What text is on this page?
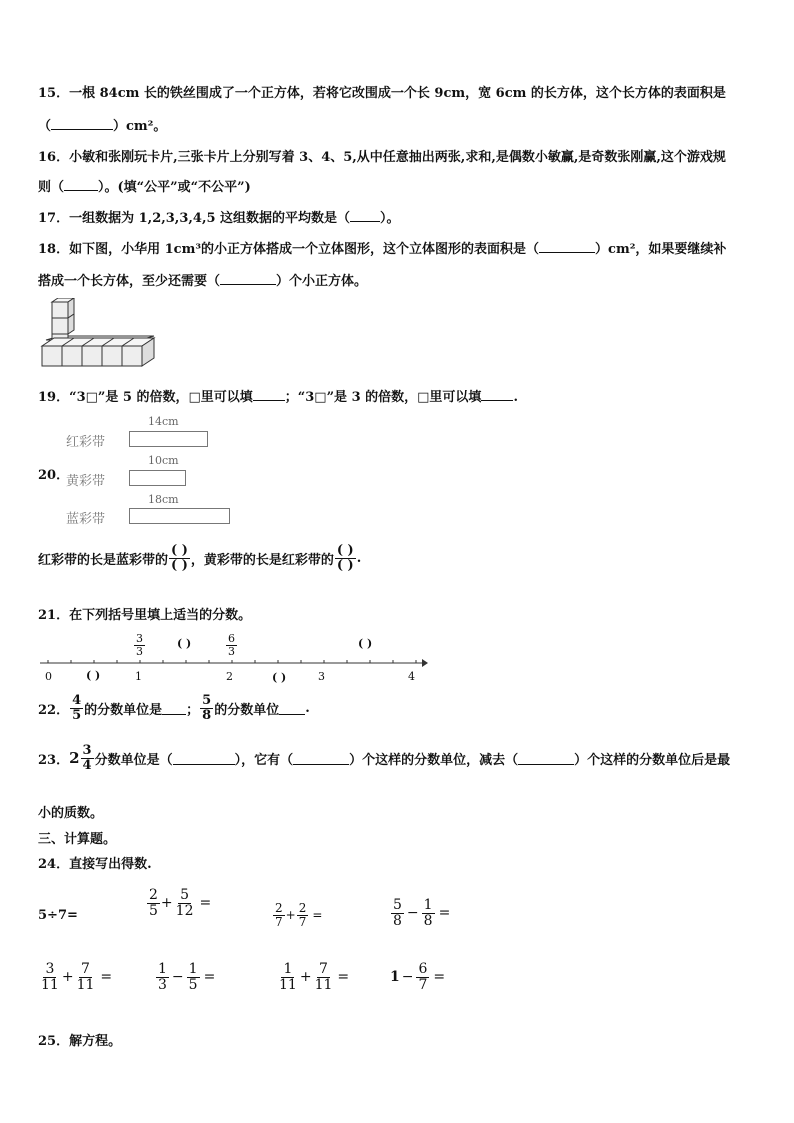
15．一根 84cm 长的铁丝围成了一个正方体，若将它改围成一个长 9cm，宽 6cm 的长方体，这个长方体的表面积是
（	）cm²。
16．小敏和张刚玩卡片,三张卡片上分别写着 3、4、5,从中任意抽出两张,求和,是偶数小敏赢,是奇数张刚赢,这个游戏规
则（	）。(填“公平”或“不公平”)
17．一组数据为 1,2,3,3,4,5 这组数据的平均数是（ ）。
18．如下图，小华用 1cm³的小正方体搭成一个立体图形，这个立体图形的表面积是（	）cm²，如果要继续补
搭成一个长方体，至少还需要（	）个小正方体。
19．“3□”是 5 的倍数，□里可以填 ；“3□”是 3 的倍数，□里可以填 .
20．
14cm
红彩带
10cm
黄彩带
18cm
蓝彩带
红彩带的长是蓝彩带的 $\frac{( )}{( )}$ ，黄彩带的长是红彩带的 $\frac{( )}{( )}$ .
21．在下列括号里填上适当的分数。
0	1	2	3	4
$\frac{3}{3}$	$\frac{6}{3}$
( )	( )
( )	( )
22． $\frac{4}{5}$ 的分数单位是 ； $\frac{5}{8}$ 的分数单位 .
23． $2 \frac{3}{4}$ 分数单位是（	），它有（	）个这样的分数单位，减去（	）个这样的分数单位后是最
小的质数。
三、计算题。
24．直接写出得数.
5÷7=	$\frac{2}{5} + \frac{5}{12}$ =	$\frac{2}{7} + \frac{2}{7}$ =	$\frac{5}{8} - \frac{1}{8}$ =
$\frac{3}{11} + \frac{7}{11}$ =	$\frac{1}{3} - \frac{1}{5}$ =	$\frac{1}{11} + \frac{7}{11}$ =	$1 - \frac{6}{7}$ =
25．解方程。
